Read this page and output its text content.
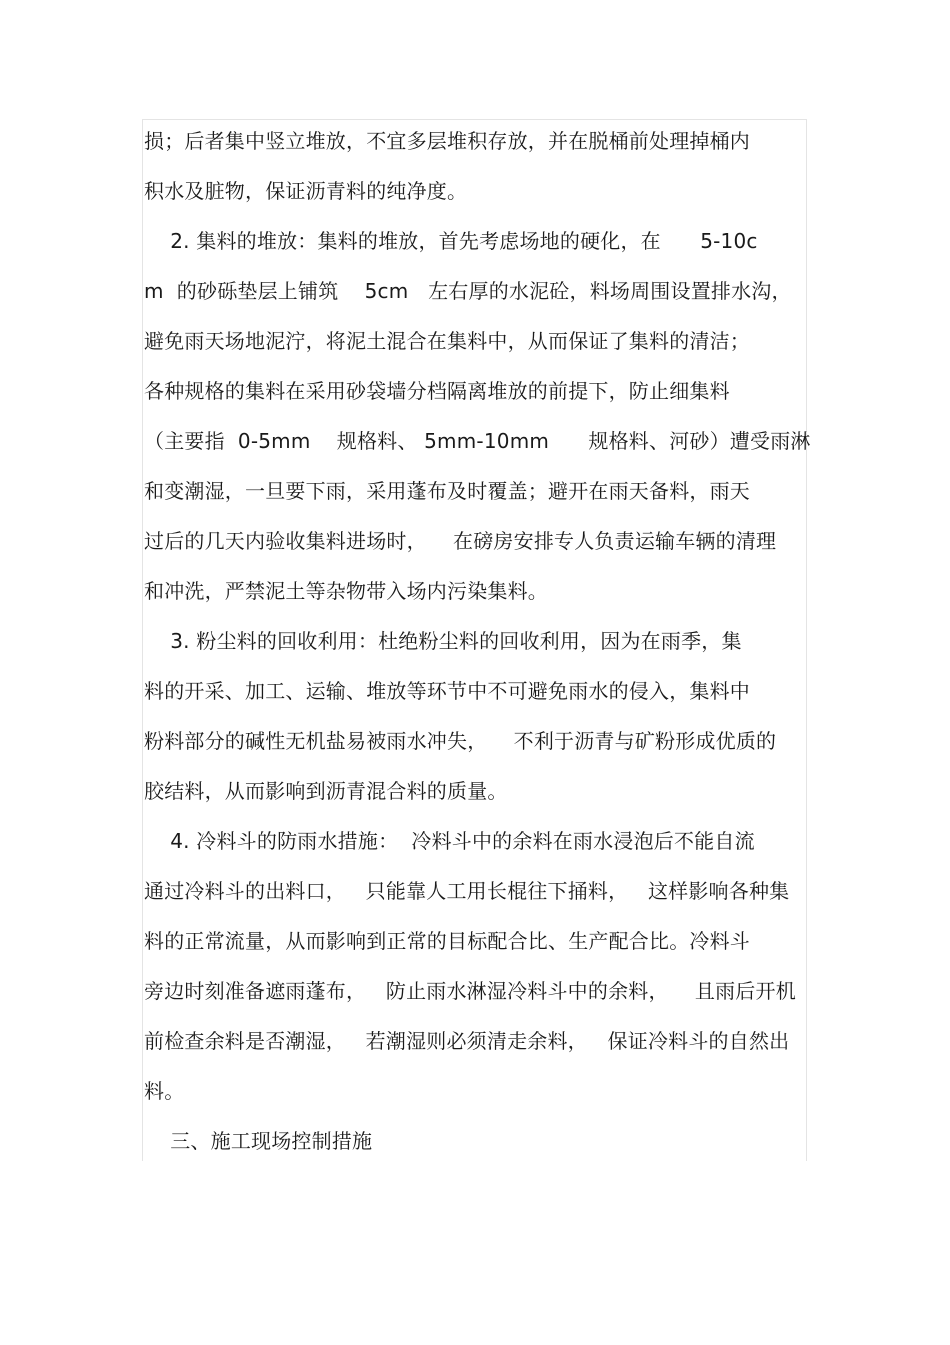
损；后者集中竖立堆放，不宜多层堆积存放，并在脱桶前处理掉桶内
积水及脏物，保证沥青料的纯净度。
2. 集料的堆放：集料的堆放，首先考虑场地的硬化，在      5-10c
m  的砂砾垫层上铺筑    5cm   左右厚的水泥砼，料场周围设置排水沟，
避免雨天场地泥泞，将泥土混合在集料中，从而保证了集料的清洁；
各种规格的集料在采用砂袋墙分档隔离堆放的前提下，防止细集料
（主要指  0-5mm    规格料、 5mm-10mm      规格料、河砂）遭受雨淋
和变潮湿，一旦要下雨，采用蓬布及时覆盖；避开在雨天备料，雨天
过后的几天内验收集料进场时，    在磅房安排专人负责运输车辆的清理
和冲洗，严禁泥土等杂物带入场内污染集料。
3. 粉尘料的回收利用：杜绝粉尘料的回收利用，因为在雨季，集
料的开采、加工、运输、堆放等环节中不可避免雨水的侵入，集料中
粉料部分的碱性无机盐易被雨水冲失，    不利于沥青与矿粉形成优质的
胶结料，从而影响到沥青混合料的质量。
4. 冷料斗的防雨水措施：  冷料斗中的余料在雨水浸泡后不能自流
通过冷料斗的出料口，   只能靠人工用长棍往下捅料，   这样影响各种集
料的正常流量，从而影响到正常的目标配合比、生产配合比。冷料斗
旁边时刻准备遮雨蓬布，   防止雨水淋湿冷料斗中的余料，    且雨后开机
前检查余料是否潮湿，   若潮湿则必须清走余料，   保证冷料斗的自然出
料。
三、施工现场控制措施
